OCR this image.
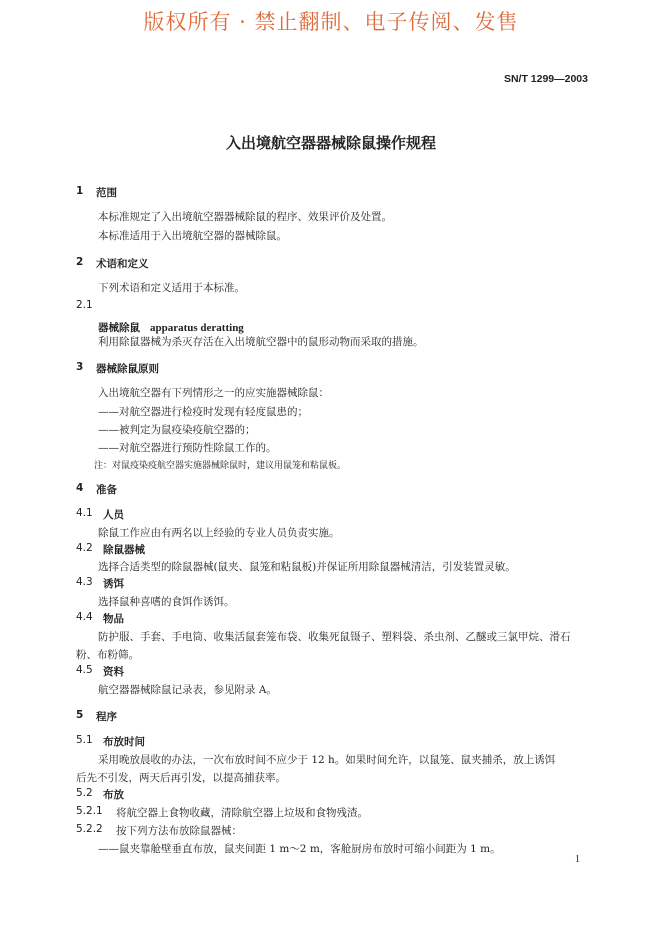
版权所有 · 禁止翻制、电子传阅、发售
SN/T 1299—2003
入出境航空器器械除鼠操作规程
1 范围
本标准规定了入出境航空器器械除鼠的程序、效果评价及处置。
本标准适用于入出境航空器的器械除鼠。
2 术语和定义
下列术语和定义适用于本标准。
2.1
器械除鼠 apparatus deratting
利用除鼠器械为杀灭存活在入出境航空器中的鼠形动物而采取的措施。
3 器械除鼠原则
入出境航空器有下列情形之一的应实施器械除鼠：
——对航空器进行检疫时发现有轻度鼠患的；
——被判定为鼠疫染疫航空器的；
——对航空器进行预防性除鼠工作的。
注：对鼠疫染疫航空器实施器械除鼠时，建议用鼠笼和粘鼠板。
4 准备
4.1 人员
除鼠工作应由有两名以上经验的专业人员负责实施。
4.2 除鼠器械
选择合适类型的除鼠器械(鼠夹、鼠笼和粘鼠板)并保证所用除鼠器械清洁，引发装置灵敏。
4.3 诱饵
选择鼠种喜嗜的食饵作诱饵。
4.4 物品
防护服、手套、手电筒、收集活鼠套笼布袋、收集死鼠镊子、塑料袋、杀虫剂、乙醚或三氯甲烷、滑石
粉、布粉筛。
4.5 资料
航空器器械除鼠记录表，参见附录 A。
5 程序
5.1 布放时间
采用晚放晨收的办法，一次布放时间不应少于 12 h。如果时间允许，以鼠笼、鼠夹捕杀，放上诱饵
后先不引发，两天后再引发，以提高捕获率。
5.2 布放
5.2.1 将航空器上食物收藏，清除航空器上垃圾和食物残渣。
5.2.2 按下列方法布放除鼠器械：
——鼠夹靠舱壁垂直布放，鼠夹间距 1 m～2 m，客舱厨房布放时可缩小间距为 1 m。
1
